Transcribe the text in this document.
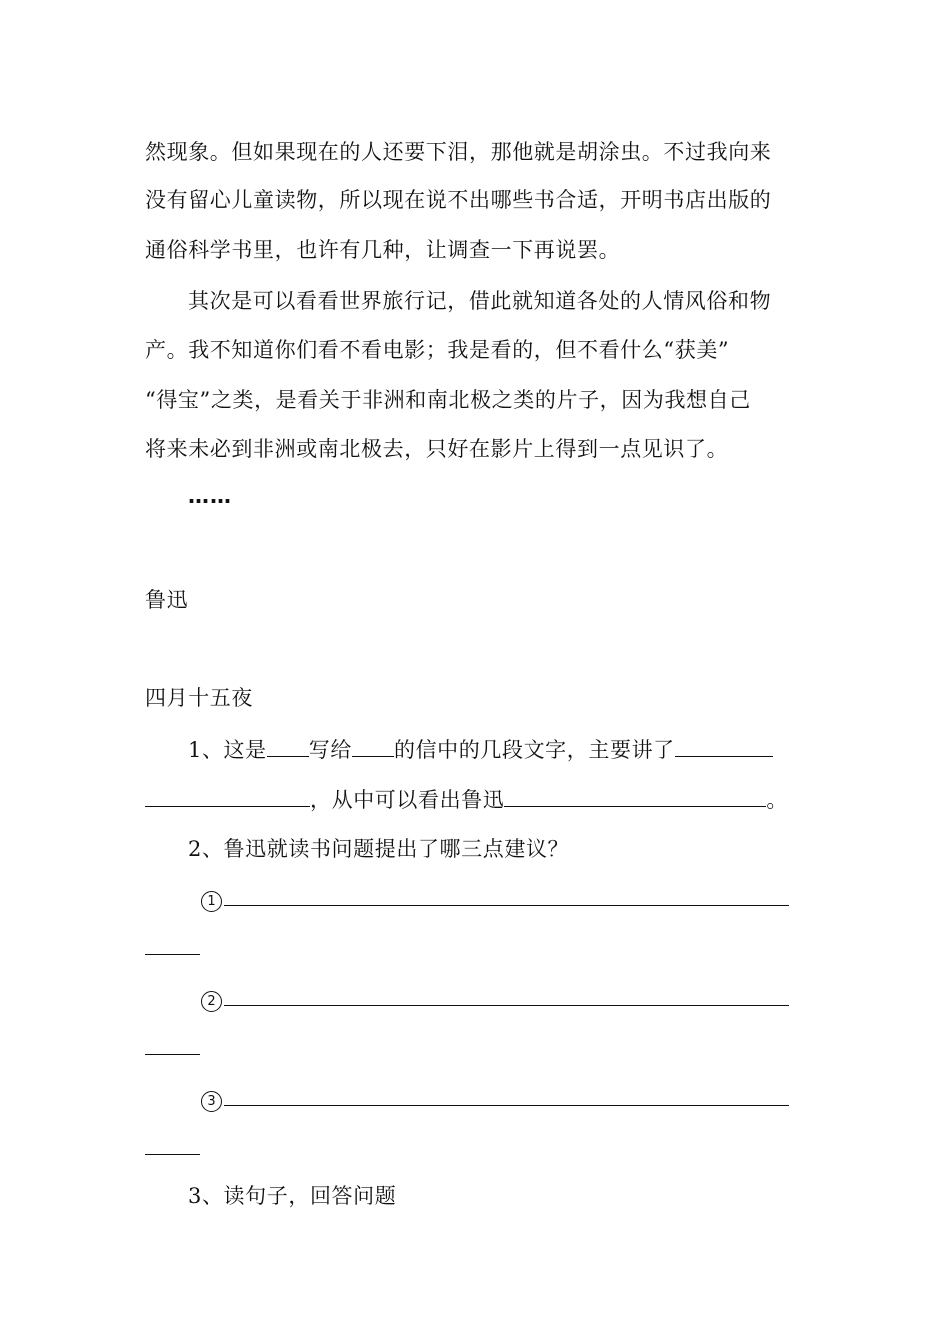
然现象。但如果现在的人还要下泪，那他就是胡涂虫。不过我向来
没有留心儿童读物，所以现在说不出哪些书合适，开明书店出版的
通俗科学书里，也许有几种，让调查一下再说罢。
其次是可以看看世界旅行记，借此就知道各处的人情风俗和物
产。我不知道你们看不看电影；我是看的，但不看什么“获美”
“得宝”之类，是看关于非洲和南北极之类的片子，因为我想自己
将来未必到非洲或南北极去，只好在影片上得到一点见识了。
……
鲁迅
四月十五夜
1、这是 写给 的信中的几段文字，主要讲了
，从中可以看出鲁迅	。
2、鲁迅就读书问题提出了哪三点建议？
1
2
3
3、读句子，回答问题
